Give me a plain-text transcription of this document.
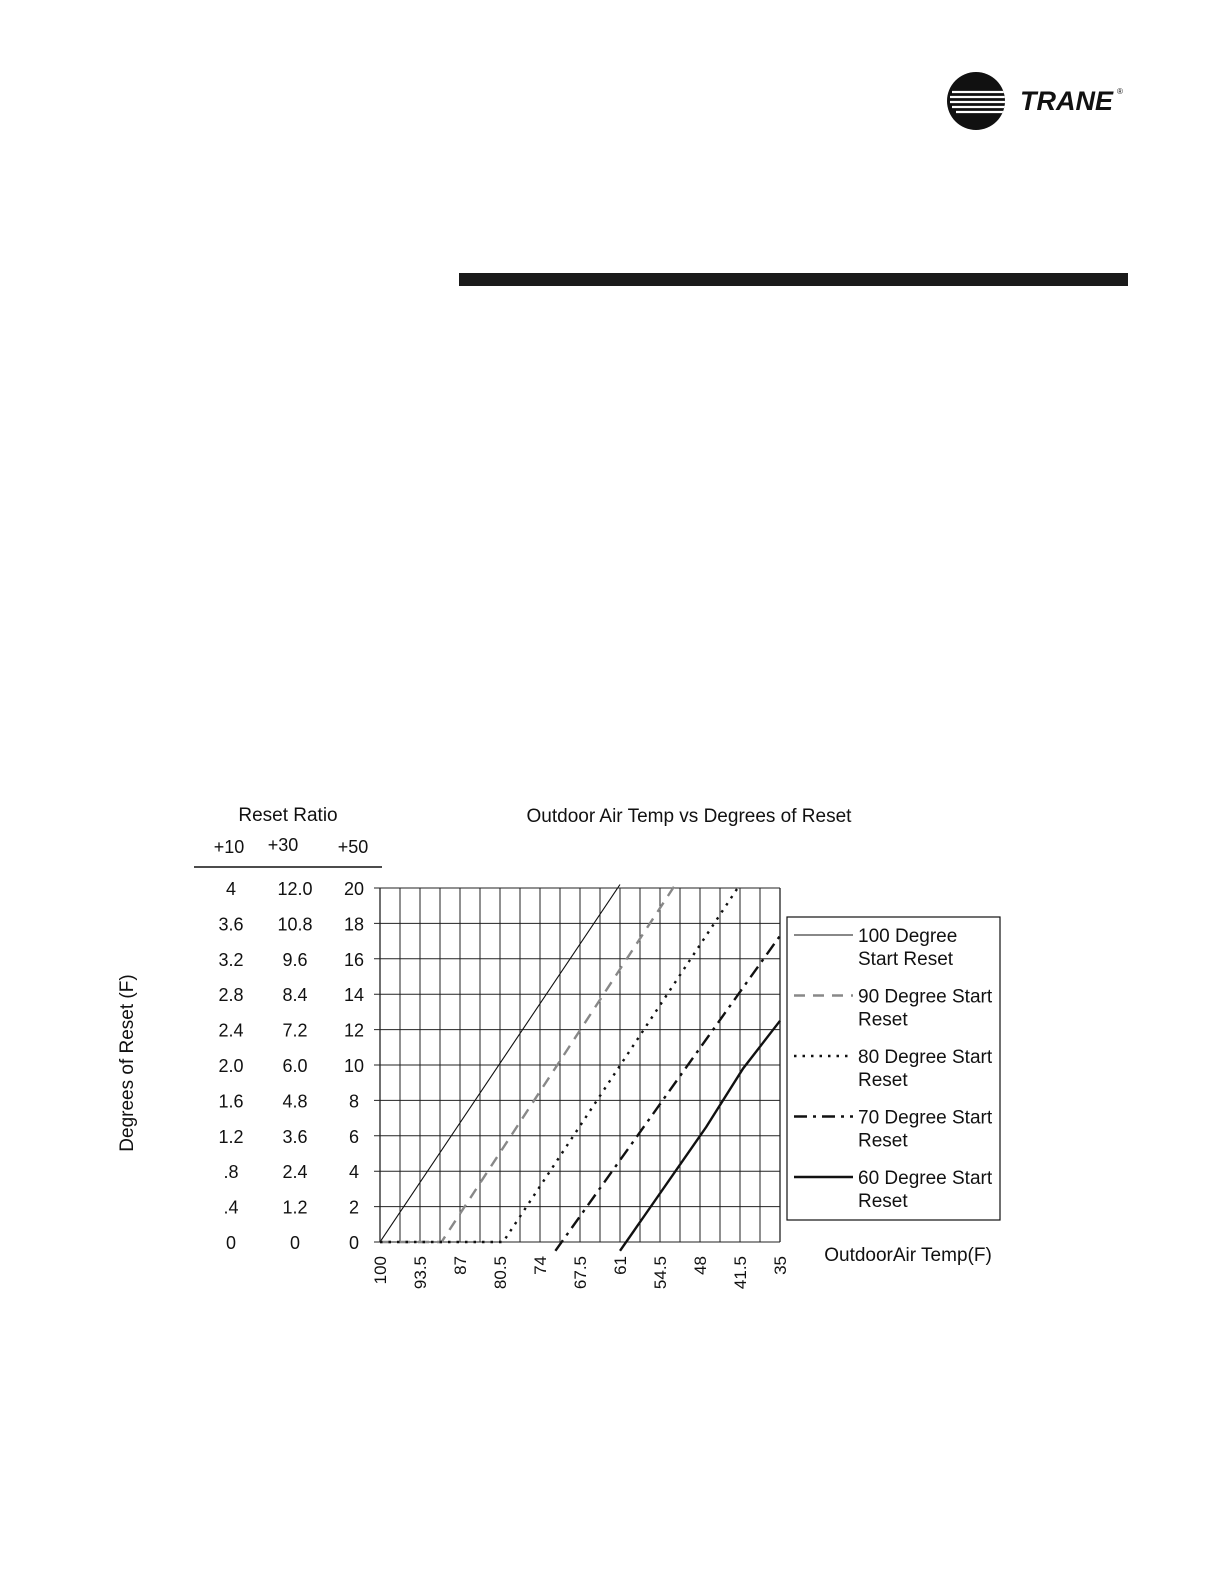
TRANE ®
Outdoor Air Temp vs Degrees of Reset
Reset Ratio
+10 +30 +50
Degrees of Reset (F)
OutdoorAir Temp(F)
0
2
4
6
8
10
12
14
16
18
20
100 93.5 87 80.5 74 67.5 61 54.5 48 41.5 35
0
.4
.8
1.2
1.6
2.0
2.4
2.8
3.2
3.6
4
0
1.2
2.4
3.6
4.8
6.0
7.2
8.4
9.6
10.8
12.0
100 Degree
Start Reset
90 Degree Start
Reset
80 Degree Start
Reset
70 Degree Start
Reset
60 Degree Start
Reset
